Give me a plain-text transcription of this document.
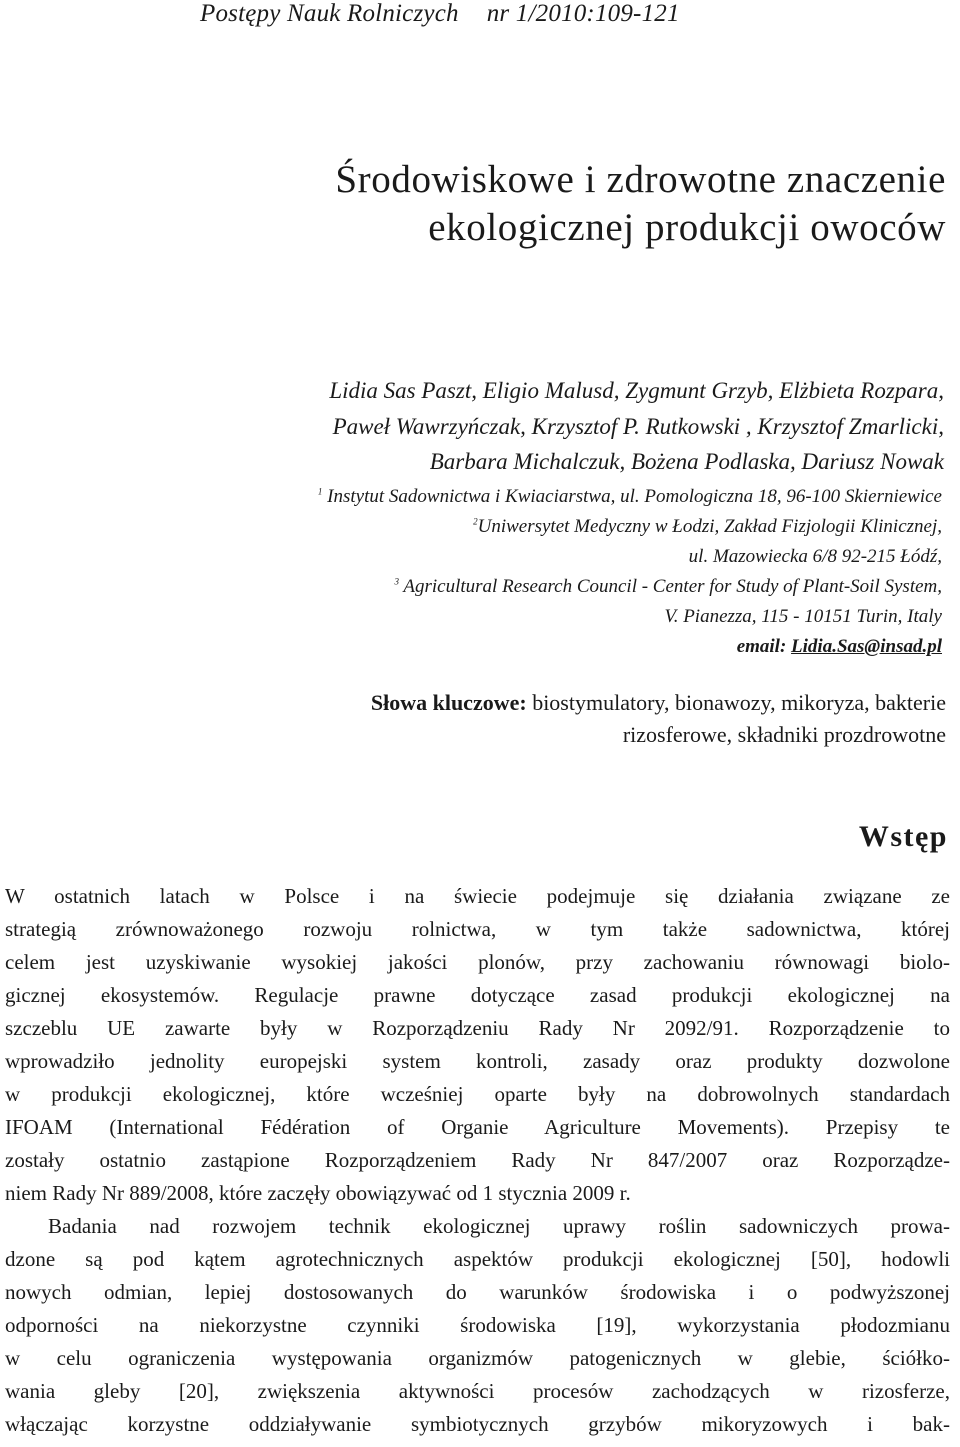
Postępy Nauk Rolniczych nr 1/2010:109-121
Środowiskowe i zdrowotne znaczenie
ekologicznej produkcji owoców
Lidia Sas Paszt, Eligio Malusd, Zygmunt Grzyb, Elżbieta Rozpara,
Paweł Wawrzyńczak, Krzysztof P. Rutkowski , Krzysztof Zmarlicki,
Barbara Michalczuk, Bożena Podlaska, Dariusz Nowak
$^1$ Instytut Sadownictwa i Kwiaciarstwa, ul. Pomologiczna 18, 96-100 Skierniewice
$^2$Uniwersytet Medyczny w Łodzi, Zakład Fizjologii Klinicznej,
ul. Mazowiecka 6/8 92-215 Łódź,
$^3$ Agricultural Research Council - Center for Study of Plant-Soil System,
V. Pianezza, 115 - 10151 Turin, Italy
email: Lidia.Sas@insad.pl
Słowa kluczowe: biostymulatory, bionawozy, mikoryza, bakterie
rizosferowe, składniki prozdrowotne
Wstęp
W ostatnich latach w Polsce i na świecie podejmuje się działania związane ze
strategią zrównoważonego rozwoju rolnictwa, w tym także sadownictwa, której
celem jest uzyskiwanie wysokiej jakości plonów, przy zachowaniu równowagi biolo-
gicznej ekosystemów. Regulacje prawne dotyczące zasad produkcji ekologicznej na
szczeblu UE zawarte były w Rozporządzeniu Rady Nr 2092/91. Rozporządzenie to
wprowadziło jednolity europejski system kontroli, zasady oraz produkty dozwolone
w produkcji ekologicznej, które wcześniej oparte były na dobrowolnych standardach
IFOAM (International Fédération of Organie Agriculture Movements). Przepisy te
zostały ostatnio zastąpione Rozporządzeniem Rady Nr 847/2007 oraz Rozporządze-
niem Rady Nr 889/2008, które zaczęły obowiązywać od 1 stycznia 2009 r.
Badania nad rozwojem technik ekologicznej uprawy roślin sadowniczych prowa-
dzone są pod kątem agrotechnicznych aspektów produkcji ekologicznej [50], hodowli
nowych odmian, lepiej dostosowanych do warunków środowiska i o podwyższonej
odporności na niekorzystne czynniki środowiska [19], wykorzystania płodozmianu
w celu ograniczenia występowania organizmów patogenicznych w glebie, ściółko-
wania gleby [20], zwiększenia aktywności procesów zachodzących w rizosferze,
włączając korzystne oddziaływanie symbiotycznych grzybów mikoryzowych i bak-
